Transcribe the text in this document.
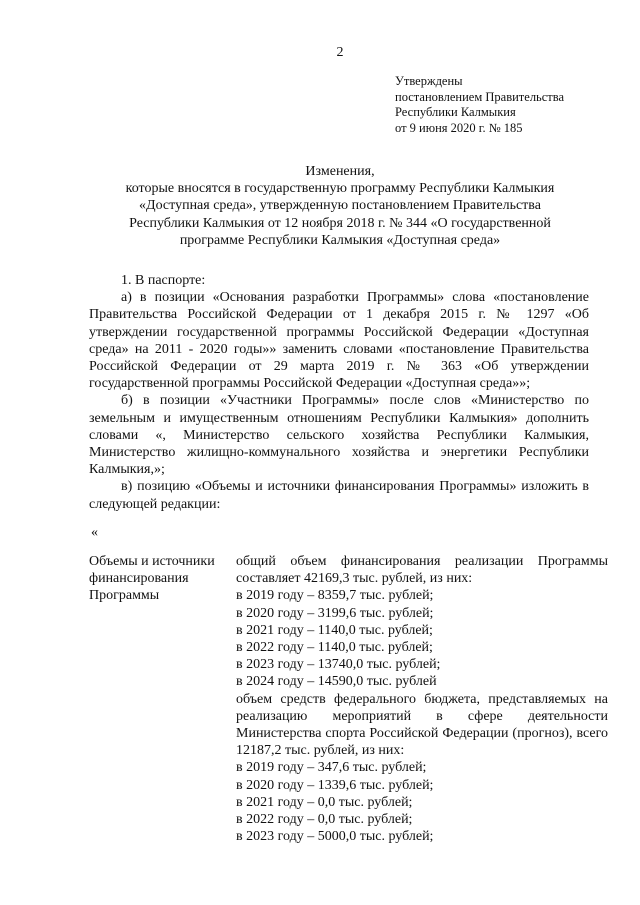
2
Утверждены
постановлением Правительства
Республики Калмыкия
от 9 июня 2020 г. № 185
Изменения,
которые вносятся в государственную программу Республики Калмыкия
«Доступная среда», утвержденную постановлением Правительства
Республики Калмыкия от 12 ноября 2018 г. № 344 «О государственной
программе Республики Калмыкия «Доступная среда»

1. В паспорте:

а) в позиции «Основания разработки Программы» слова «постановление Правительства Российской Федерации от 1 декабря 2015 г. № 1297 «Об утверждении государственной программы Российской Федерации «Доступная среда» на 2011 - 2020 годы»» заменить словами «постановление Правительства Российской Федерации от 29 марта 2019 г. № 363 «Об утверждении государственной программы Российской Федерации «Доступная среда»»;

б) в позиции «Участники Программы» после слов «Министерство по земельным и имущественным отношениям Республики Калмыкия» дополнить словами «, Министерство сельского хозяйства Республики Калмыкия, Министерство жилищно-коммунального хозяйства и энергетики Республики Калмыкия,»;

в) позицию «Объемы и источники финансирования Программы» изложить в следующей редакции:

«
Объемы и источники
финансирования
Программы

общий объем финансирования реализации Программы составляет 42169,3 тыс. рублей, из них:

в 2019 году – 8359,7 тыс. рублей;
в 2020 году – 3199,6 тыс. рублей;
в 2021 году – 1140,0 тыс. рублей;
в 2022 году – 1140,0 тыс. рублей;
в 2023 году – 13740,0 тыс. рублей;
в 2024 году – 14590,0 тыс. рублей

объем средств федерального бюджета, представляемых на реализацию мероприятий в сфере деятельности Министерства спорта Российской Федерации (прогноз), всего 12187,2 тыс. рублей, из них:

в 2019 году – 347,6 тыс. рублей;
в 2020 году – 1339,6 тыс. рублей;
в 2021 году – 0,0 тыс. рублей;
в 2022 году – 0,0 тыс. рублей;
в 2023 году – 5000,0 тыс. рублей;
